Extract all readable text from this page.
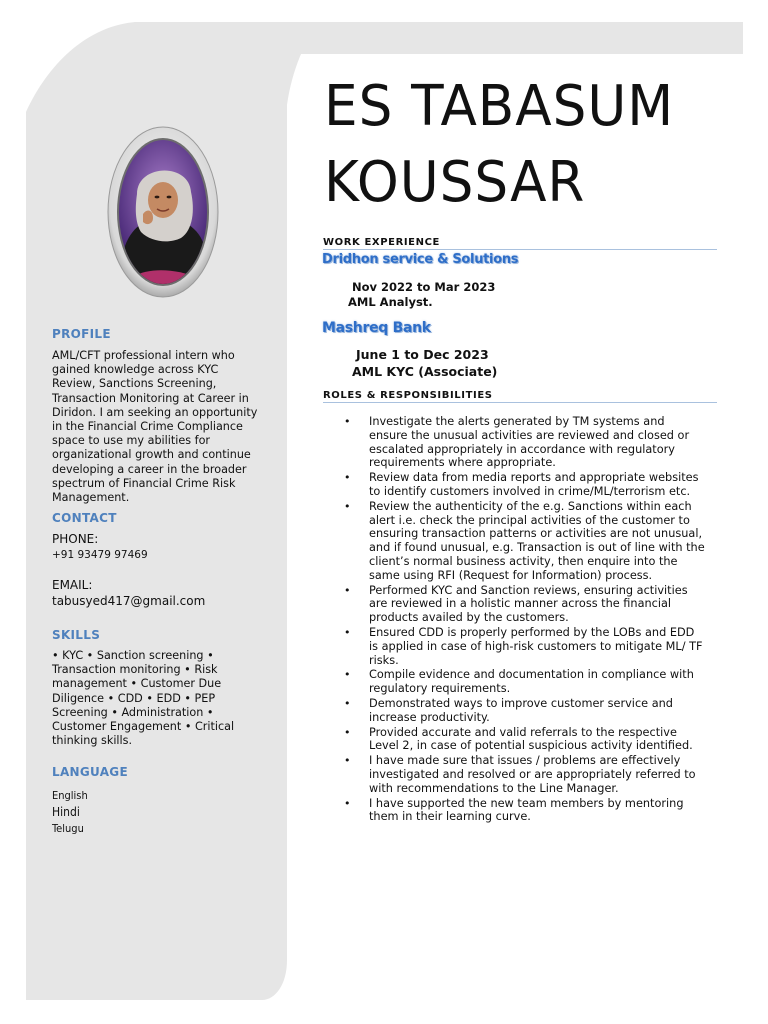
PROFILE
AML/CFT professional intern who gained knowledge across KYC Review, Sanctions Screening, Transaction Monitoring at Career in Diridon. I am seeking an opportunity in the Financial Crime Compliance space to use my abilities for organizational growth and continue developing a career in the broader spectrum of Financial Crime Risk Management.
CONTACT
PHONE:
+91 93479 97469
EMAIL:
tabusyed417@gmail.com
SKILLS
• KYC • Sanction screening • Transaction monitoring • Risk management • Customer Due Diligence • CDD • EDD • PEP Screening • Administration • Customer Engagement • Critical thinking skills.
LANGUAGE
English
Hindi
Telugu
ES TABASUM
KOUSSAR
WORK EXPERIENCE
Dridhon service & Solutions
Nov 2022 to Mar 2023
AML Analyst.
Mashreq Bank
June 1 to Dec 2023
AML KYC (Associate)
ROLES & RESPONSIBILITIES
• Investigate the alerts generated by TM systems and ensure the unusual activities are reviewed and closed or escalated appropriately in accordance with regulatory requirements where appropriate.
• Review data from media reports and appropriate websites to identify customers involved in crime/ML/terrorism etc.
• Review the authenticity of the e.g. Sanctions within each alert i.e. check the principal activities of the customer to ensuring transaction patterns or activities are not unusual, and if found unusual, e.g. Transaction is out of line with the client’s normal business activity, then enquire into the same using RFI (Request for Information) process.
• Performed KYC and Sanction reviews, ensuring activities are reviewed in a holistic manner across the financial products availed by the customers.
• Ensured CDD is properly performed by the LOBs and EDD is applied in case of high-risk customers to mitigate ML/ TF risks.
• Compile evidence and documentation in compliance with regulatory requirements.
• Demonstrated ways to improve customer service and increase productivity.
• Provided accurate and valid referrals to the respective Level 2, in case of potential suspicious activity identified.
• I have made sure that issues / problems are effectively investigated and resolved or are appropriately referred to with recommendations to the Line Manager.
• I have supported the new team members by mentoring them in their learning curve.
